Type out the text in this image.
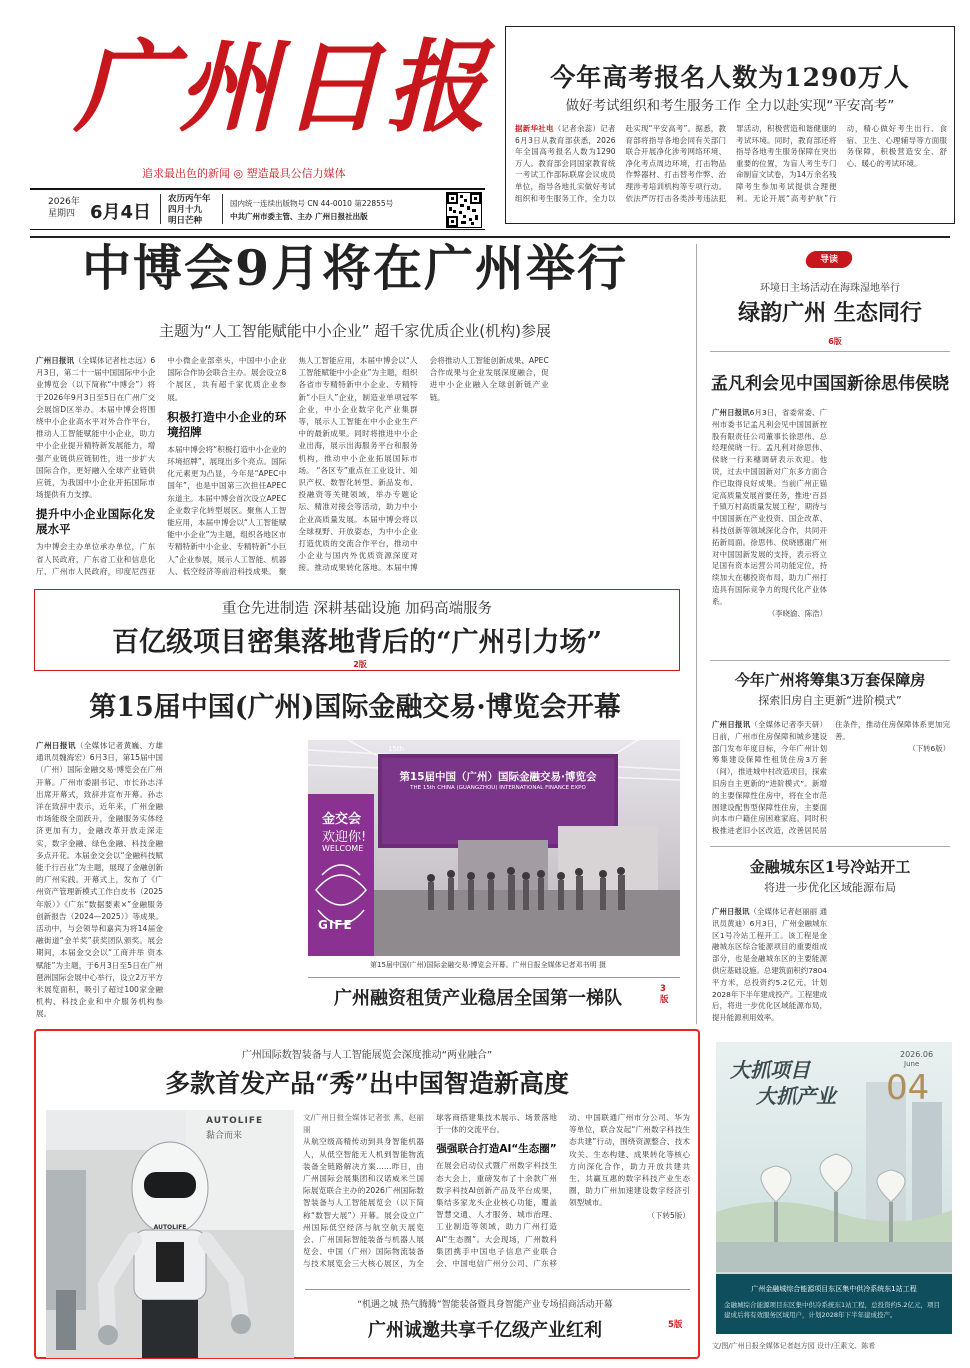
广州日报
追求最出色的新闻 ◎ 塑造最具公信力媒体
2026年
星期四 6月4日
农历丙午年
四月十九
明日芒种
国内统一连续出版物号 CN 44-0010 第22855号
中共广州市委主管、主办 广州日报社出版
今年高考报名人数为1290万人
做好考试组织和考生服务工作 全力以赴实现“平安高考”
据新华社电（记者余蕊）记者6月3日从教育部获悉，2026年全国高考报名人数为1290万人。教育部会同国家教育统一考试工作部际联席会议成员单位，指导各地扎实做好考试组织和考生服务工作，全力以赴实现“平安高考”。据悉，教育部将指导各地会同有关部门联合开展净化涉考网络环境、净化考点周边环境，打击物品作弊器材、打击替考作弊、治理涉考培训机构等专项行动。依法严厉打击各类涉考违法犯罪活动，积极营造和谐健康的考试环境。同时，教育部还将指导各地考生服务保障在突出重要的位置，为盲人考生专门命制盲文试卷，为14万余名残障考生参加考试提供合理便利。无论开展“高考护航”行动，精心做好考生出行、食宿、卫生、心理辅导等方面服务保障，积极营造安全、舒心、暖心的考试环境。
中博会9月将在广州举行
主题为“人工智能赋能中小企业” 超千家优质企业(机构)参展
广州日报讯（全媒体记者杜志远）6月3日，第二十一届中国国际中小企业博览会（以下简称“中博会”）将于2026年9月3日至5日在广州广交会展馆D区举办。本届中博会将围绕中小企业高水平对外合作平台，推动人工智能赋能中小企业，助力中小企业提升精特新发展能力，增强产业链供应链韧性，进一步扩大国际合作，更好融入全球产业链供应链，为我国中小企业开拓国际市场提供有力支撑。
提升中小企业国际化发展水平
为中博会主办单位承办单位，广东省人民政府，广东省工业和信息化厅、广州市人民政府，印度尼西亚中小微企业部牵头，中国中小企业国际合作协会联合主办。展会设立8个展区，共有超千家优质企业参展。
积极打造中小企业的环境招牌
本届中博会将“积极打造中小企业的环境招牌”，展现出多个亮点。国际化元素更为凸显，今年是“APEC中国年”，也是中国第三次担任APEC东道主。本届中博会首次设立APEC企业数字化转型展区。聚焦人工智能应用，本届中博会以“人工智能赋能中小企业”为主题，组织各地区市专精特新中小企业、专精特新“小巨人”企业参展，展示人工智能、机器人、低空经济等前沿科技成果。 聚焦人工智能应用，本届中博会以“人工智能赋能中小企业”为主题，组织各省市专精特新中小企业、专精特新“小巨人”企业，制造业单项冠军企业，中小企业数字化产业集群等，展示人工智能在中小企业生产中的最新成果。同时将推进中小企业出海，展示出海服务平台和服务机构，推动中小企业拓展国际市场。 “各区专”重点在工业设计、知识产权、数智化转型、新品发布、投融资等关键领域，举办专题论坛、精准对接会等活动，助力中小企业高质量发展。本届中博会将以全球视野、开放姿态，为中小企业打造优质的交流合作平台，推动中小企业与国内外优质资源深度对接。推动成果转化落地。本届中博会将推动人工智能创新成果、APEC合作成果与企业发展深度融合，促进中小企业融入全球创新链产业链。
重仓先进制造 深耕基础设施 加码高端服务
百亿级项目密集落地背后的“广州引力场”
2版
第15届中国(广州)国际金融交易·博览会开幕
广州日报讯（全媒体记者黄巍、方雄 通讯员魏海宏）6月3日，第15届中国（广州）国际金融交易·博览会在广州开幕。广州市委副书记、市长孙志洋出席开幕式，致辞并宣布开幕。孙志洋在致辞中表示，近年来，广州金融市场能级全面跃升，金融服务实体经济更加有力，金融改革开放走深走实，数字金融、绿色金融、科技金融多点开花。本届金交会以“金融科技赋能千行百业”为主题，展现了金融创新的广州实践。开幕式上，发布了《广州资产管理新模式工作白皮书（2025年版）》《广东“数据要素×”金融服务创新报告（2024—2025）》等成果。活动中，与会领导和嘉宾为将14届金融街道“金羊奖”获奖团队颁奖。展会期间，本届金交会以“工商并举 资本赋能”为主题，于6月3日至5日在广州琶洲国际会展中心举行，设立2万平方米展览面积，吸引了超过100家金融机构、科技企业和中介服务机构参展。
第15届中国（广州）国际金融交易·博览会
THE 15th CHINA (GUANGZHOU) INTERNATIONAL FINANCE EXPO
15th
金交会
欢迎你!
WELCOME
GIFE
第15届中国(广州)国际金融交易·博览会开幕。广州日报全媒体记者邓书明 摄
广州融资租赁产业稳居全国第一梯队	3版
广州国际数智装备与人工智能展览会深度推动“两业融合”
多款首发产品“秀”出中国智造新高度
AUTOLIFE
黏合而来
AUTOLIFE
文/广州日报全媒体记者张 燕、赵丽丽
从航空级高精传动到具身智能机器人，从低空智能无人机到智能物流装备全链路解决方案……昨日，由广州国际会展集团和汉诺威米兰国际展览联合主办的2026广州国际数智装备与人工智能展览会（以下简称“数智大展”）开幕。展会设立广州国际低空经济与航空航天展览会、广州国际智能装备与机器人展览会、中国（广州）国际物流装备与技术展览会三大核心展区，为全球客商搭建集技术展示、场景落地于一体的交流平台。
强强联合打造AI“生态圈”
在展会启动仪式暨广州数字科技生态大会上，重磅发布了十余款广州数字科技AI创新产品及平台成果，集结多家龙头企业核心功能，覆盖智慧交通、人才服务、城市治理、工业制造等领域，助力广州打造AI“生态圈”。大会现场，广州数科集团携手中国电子信息产业联合会、中国电信广州分公司、广东移动、中国联通广州市分公司、华为等单位，联合发起“广州数字科技生态共建”行动，围绕资源整合、技术攻关、生态构建、成果转化等核心方向深化合作，助力开放共建共生、共赢互惠的数字科技产业生态圈，助力广州加速建设数字经济引领型城市。
（下转5版）
“机遇之城 热气腾腾”智能装备暨具身智能产业专场招商活动开幕
广州诚邀共享千亿级产业红利	5版
导读
环境日主场活动在海珠湿地举行
绿韵广州 生态同行
6版
孟凡利会见中国国新徐思伟侯晓
广州日报讯6月3日，省委常委、广州市委书记孟凡利会见中国国新控股有限责任公司董事长徐思伟、总经理侯晓一行。孟凡利对徐思伟、侯晓一行来穗调研表示欢迎。他说，过去中国国新对广东多方面合作已取得良好成果。当前广州正锚定高质量发展首要任务，推进‘百县千镇万村高质量发展工程’，期待与中国国新在产业投资、国企改革、科技创新等领域深化合作，共同开拓新局面。徐思伟、侯晓感谢广州对中国国新发展的支持，表示将立足国有资本运营公司功能定位，持续加大在穗投资布局，助力广州打造具有国际竞争力的现代化产业体系。
（李晓渝、陈浩）
今年广州将筹集3万套保障房
探索旧房自主更新“进阶模式”
广州日报讯（全媒体记者李天研）日前，广州市住房保障和城乡建设部门发布年度目标，今年广州计划筹集建设保障性租赁住房3万套（间），推进城中村改造项目，探索旧房自主更新的“进阶模式”。新增的主要保障性住房中，将在全市范围建设配售型保障性住房，主要面向本市户籍住房困难家庭。同时积极推进老旧小区改造，改善居民居住条件，推动住房保障体系更加完善。
（下转6版）
金融城东区1号冷站开工
将进一步优化区域能源布局
广州日报讯（全媒体记者赵丽丽 通讯员黄迪）6月3日，广州金融城东区1号冷站工程开工。该工程是金融城东区综合能源项目的重要组成部分，也是金融城东区的主要能源供应基础设施。总建筑面积约7804平方米，总投资约5.2亿元，计划2028年下半年建成投产。工程建成后，将进一步优化区域能源布局，提升能源利用效率。
大抓项目
大抓产业
2026.06
June
04
广州金融城综合能源项目东区集中供冷系统东1站工程
金融城综合能源项目东区集中供冷系统东1站工程，总投资约5.2亿元，项目建成后将有效服务区域用户，计划2028年下半年建成投产。
文/图/广州日报全媒体记者赵方园 设计/王素文、陈希
